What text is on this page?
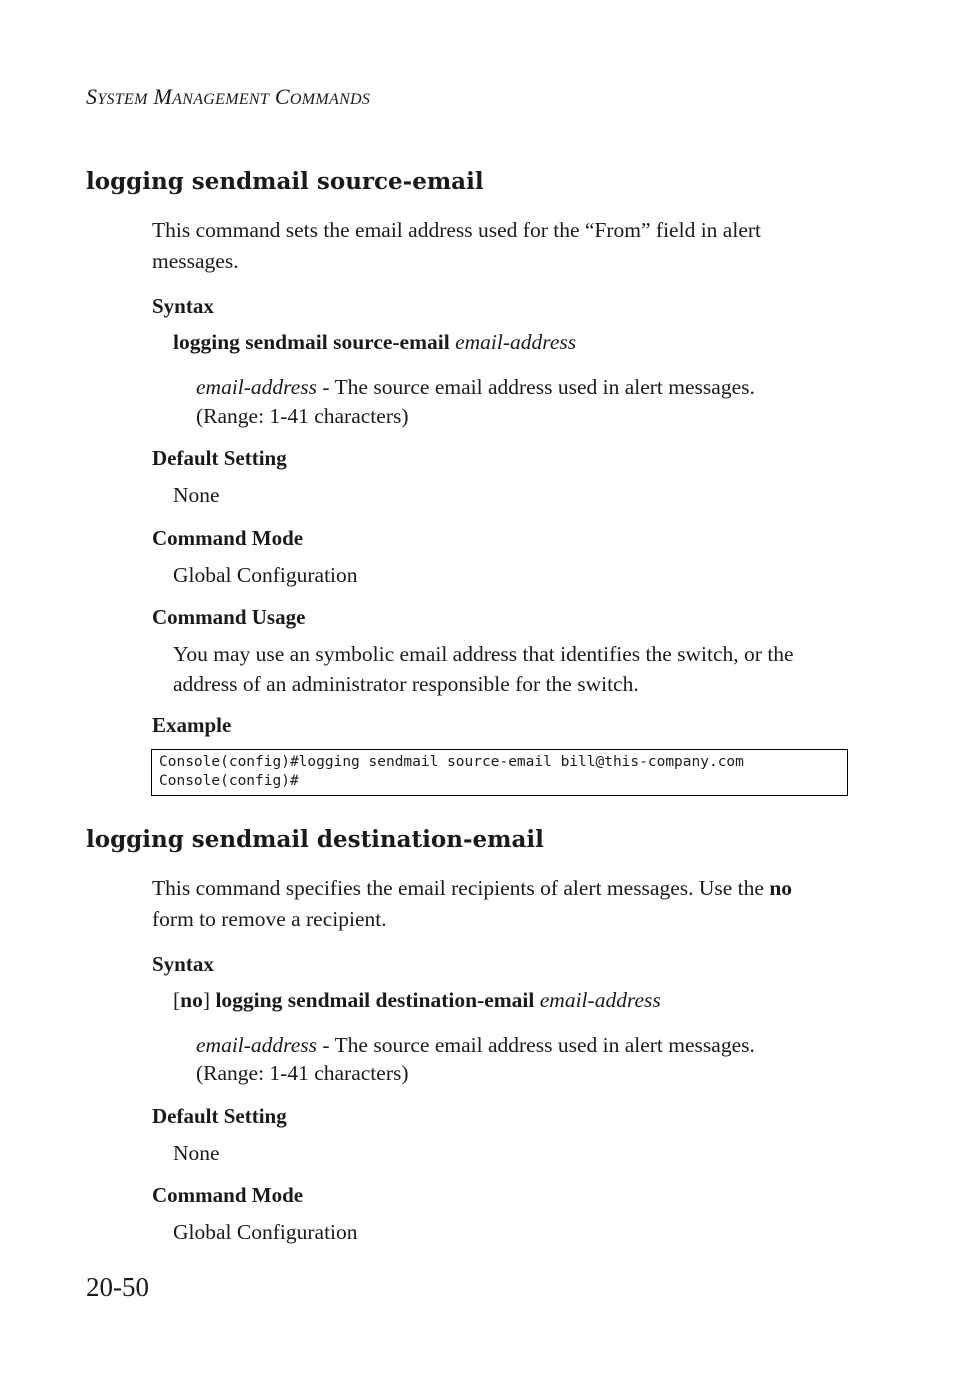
SYSTEM MANAGEMENT COMMANDS
logging sendmail source-email
This command sets the email address used for the “From” field in alert
messages.
Syntax
logging sendmail source-email email-address
email-address - The source email address used in alert messages.
(Range: 1-41 characters)
Default Setting
None
Command Mode
Global Configuration
Command Usage
You may use an symbolic email address that identifies the switch, or the
address of an administrator responsible for the switch.
Example
Console(config)#logging sendmail source-email bill@this-company.com
Console(config)#
logging sendmail destination-email
This command specifies the email recipients of alert messages. Use the no
form to remove a recipient.
Syntax
[no] logging sendmail destination-email email-address
email-address - The source email address used in alert messages.
(Range: 1-41 characters)
Default Setting
None
Command Mode
Global Configuration
20-50
